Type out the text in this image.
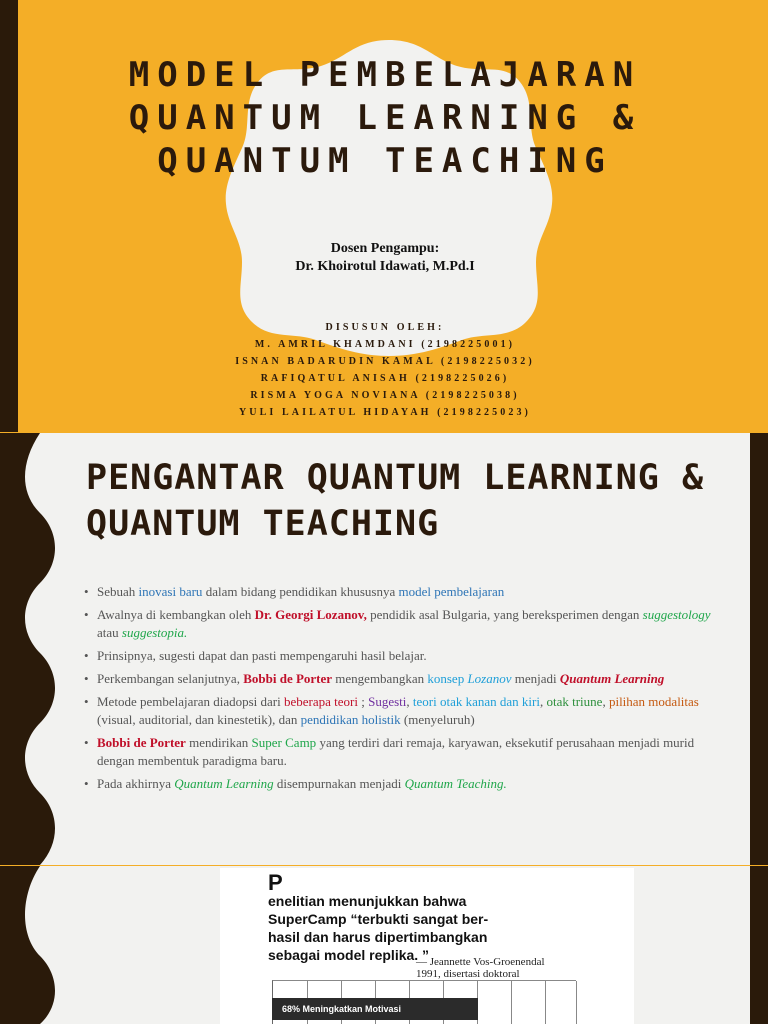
MODEL PEMBELAJARAN
QUANTUM LEARNING &
QUANTUM TEACHING
Dosen Pengampu:
Dr. Khoirotul Idawati, M.Pd.I
DISUSUN OLEH:
M. AMRIL KHAMDANI (2198225001)
ISNAN BADARUDIN KAMAL (2198225032)
RAFIQATUL ANISAH (2198225026)
RISMA YOGA NOVIANA (2198225038)
YULI LAILATUL HIDAYAH (2198225023)
PENGANTAR QUANTUM LEARNING &
QUANTUM TEACHING
• Sebuah inovasi baru dalam bidang pendidikan khususnya model pembelajaran
• Awalnya di kembangkan oleh Dr. Georgi Lozanov, pendidik asal Bulgaria, yang bereksperimen dengan suggestology atau suggestopia.
• Prinsipnya, sugesti dapat dan pasti mempengaruhi hasil belajar.
• Perkembangan selanjutnya, Bobbi de Porter mengembangkan konsep Lozanov menjadi Quantum Learning
• Metode pembelajaran diadopsi dari beberapa teori ; Sugesti, teori otak kanan dan kiri, otak triune, pilihan modalitas (visual, auditorial, dan kinestetik), dan pendidikan holistik (menyeluruh)
• Bobbi de Porter mendirikan Super Camp yang terdiri dari remaja, karyawan, eksekutif perusahaan menjadi murid dengan membentuk paradigma baru.
• Pada akhirnya Quantum Learning disempurnakan menjadi Quantum Teaching.
P
enelitian menunjukkan bahwa
SuperCamp “terbukti sangat ber-
hasil dan harus dipertimbangkan
sebagai model replika. ”
— Jeannette Vos-Groenendal
1991, disertasi doktoral
68% Meningkatkan Motivasi
